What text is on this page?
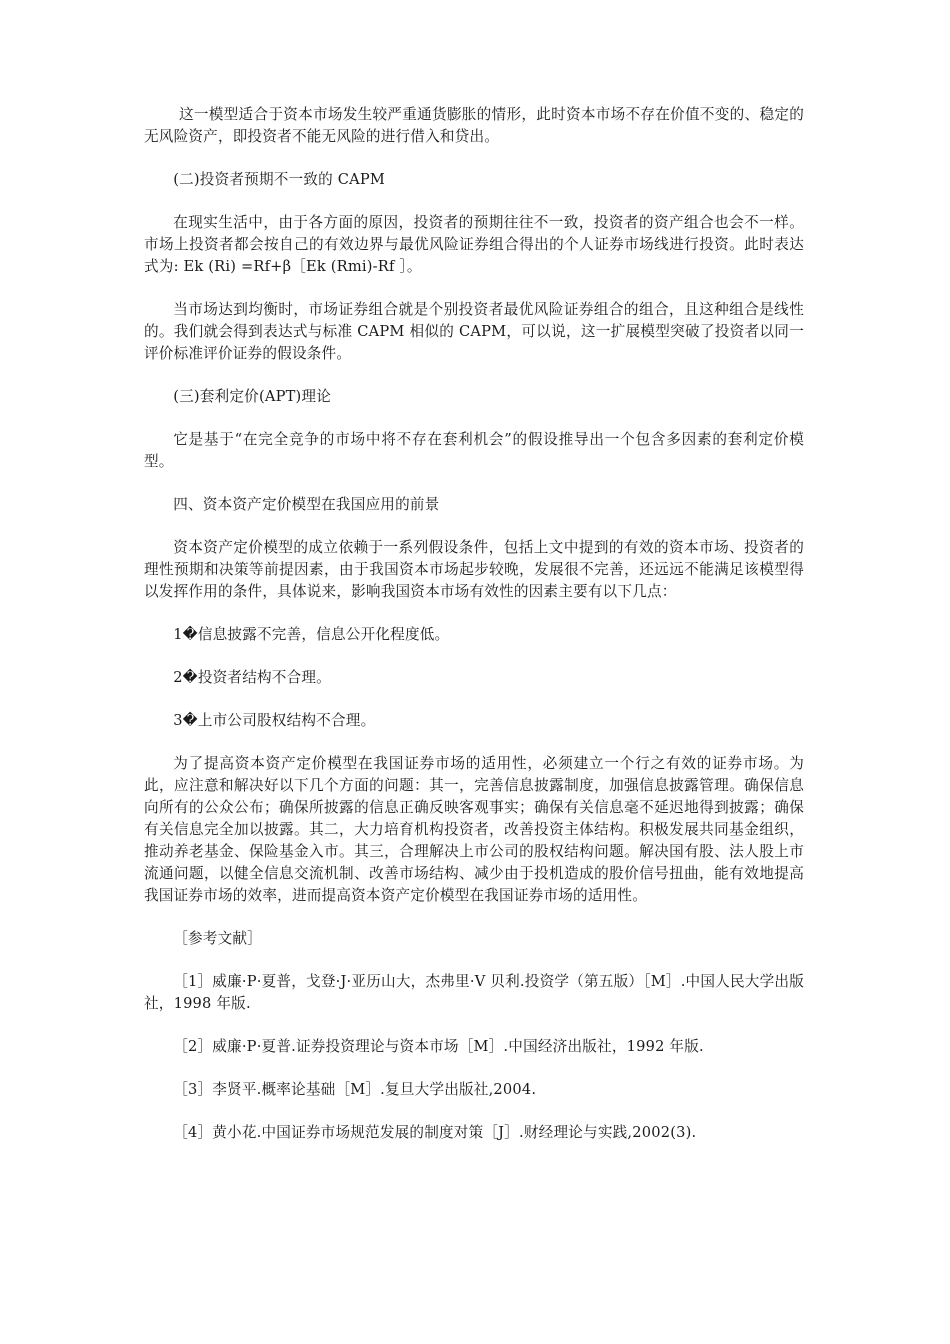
这一模型适合于资本市场发生较严重通货膨胀的情形，此时资本市场不存在价值不变的、稳定的无风险资产，即投资者不能无风险的进行借入和贷出。

(二)投资者预期不一致的 CAPM

在现实生活中，由于各方面的原因，投资者的预期往往不一致，投资者的资产组合也会不一样。市场上投资者都会按自己的有效边界与最优风险证券组合得出的个人证券市场线进行投资。此时表达式为: Ek (Ri) =Rf+β［Ek (Rmi)-Rf ］。

当市场达到均衡时，市场证券组合就是个别投资者最优风险证券组合的组合，且这种组合是线性的。我们就会得到表达式与标准 CAPM 相似的 CAPM，可以说，这一扩展模型突破了投资者以同一评价标准评价证券的假设条件。

(三)套利定价(APT)理论

它是基于“在完全竞争的市场中将不存在套利机会”的假设推导出一个包含多因素的套利定价模型。

四、资本资产定价模型在我国应用的前景

资本资产定价模型的成立依赖于一系列假设条件，包括上文中提到的有效的资本市场、投资者的理性预期和决策等前提因素，由于我国资本市场起步较晚，发展很不完善，还远远不能满足该模型得以发挥作用的条件，具体说来，影响我国资本市场有效性的因素主要有以下几点：

1�信息披露不完善，信息公开化程度低。

2�投资者结构不合理。

3�上市公司股权结构不合理。

为了提高资本资产定价模型在我国证券市场的适用性，必须建立一个行之有效的证券市场。为此，应注意和解决好以下几个方面的问题：其一，完善信息披露制度，加强信息披露管理。确保信息向所有的公众公布；确保所披露的信息正确反映客观事实；确保有关信息毫不延迟地得到披露；确保有关信息完全加以披露。其二，大力培育机构投资者，改善投资主体结构。积极发展共同基金组织，推动养老基金、保险基金入市。其三，合理解决上市公司的股权结构问题。解决国有股、法人股上市流通问题，以健全信息交流机制、改善市场结构、减少由于投机造成的股价信号扭曲，能有效地提高我国证券市场的效率，进而提高资本资产定价模型在我国证券市场的适用性。

［参考文献］

［1］威廉·P·夏普，戈登·J·亚历山大，杰弗里·V 贝利.投资学（第五版）［M］.中国人民大学出版社，1998 年版.

［2］威廉·P·夏普.证券投资理论与资本市场［M］.中国经济出版社，1992 年版.

［3］李贤平.概率论基础［M］.复旦大学出版社,2004.

［4］黄小花.中国证券市场规范发展的制度对策［J］.财经理论与实践,2002(3).
